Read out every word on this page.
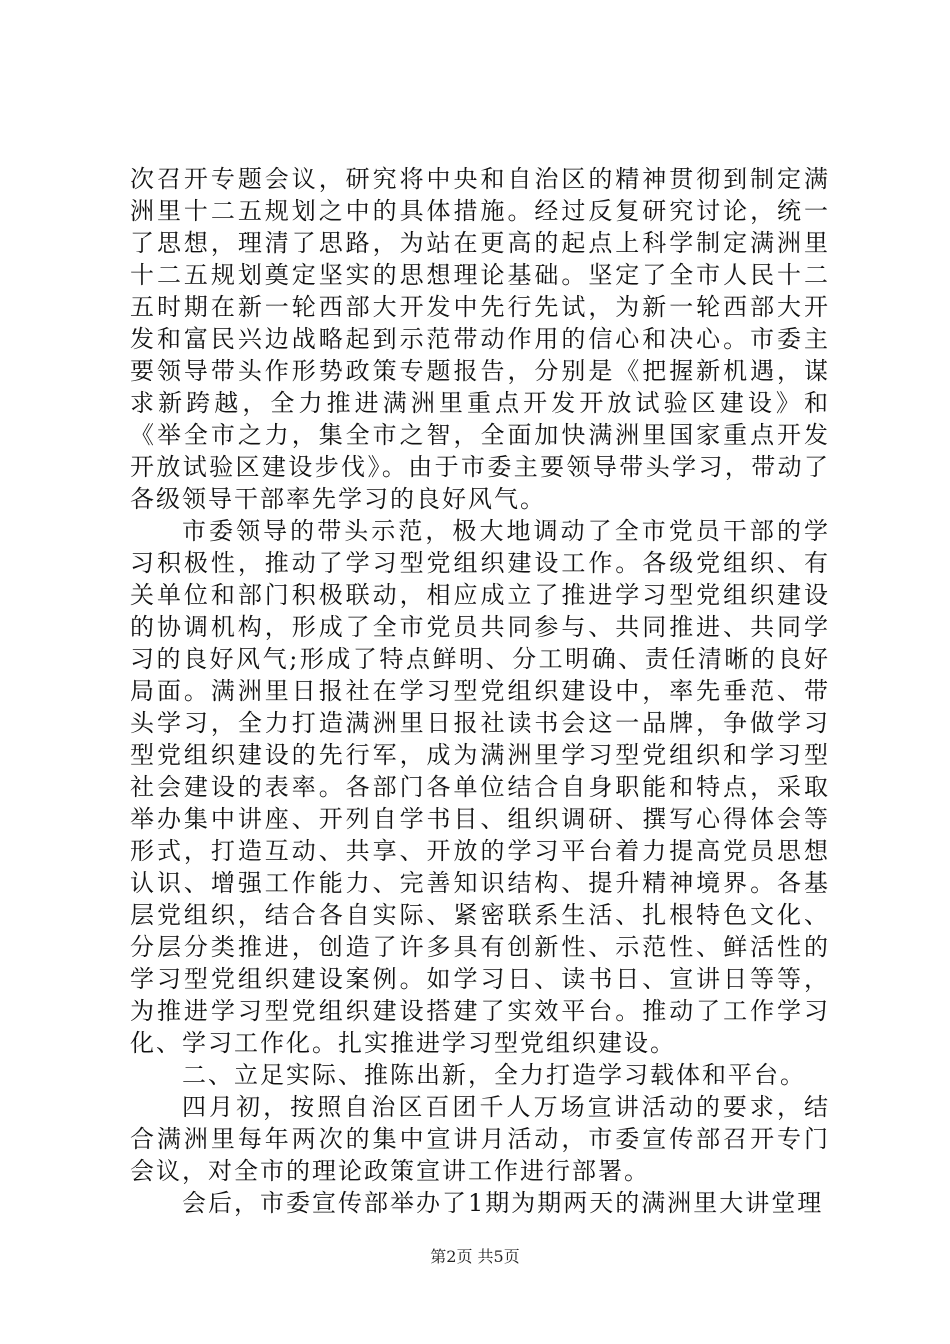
次召开专题会议，研究将中央和自治区的精神贯彻到制定满洲里十二五规划之中的具体措施。经过反复研究讨论，统一了思想，理清了思路，为站在更高的起点上科学制定满洲里十二五规划奠定坚实的思想理论基础。坚定了全市人民十二五时期在新一轮西部大开发中先行先试，为新一轮西部大开发和富民兴边战略起到示范带动作用的信心和决心。市委主要领导带头作形势政策专题报告，分别是《把握新机遇，谋求新跨越，全力推进满洲里重点开发开放试验区建设》和《举全市之力，集全市之智，全面加快满洲里国家重点开发开放试验区建设步伐》。由于市委主要领导带头学习，带动了各级领导干部率先学习的良好风气。

市委领导的带头示范，极大地调动了全市党员干部的学习积极性，推动了学习型党组织建设工作。各级党组织、有关单位和部门积极联动，相应成立了推进学习型党组织建设的协调机构，形成了全市党员共同参与、共同推进、共同学习的良好风气;形成了特点鲜明、分工明确、责任清晰的良好局面。满洲里日报社在学习型党组织建设中，率先垂范、带头学习，全力打造满洲里日报社读书会这一品牌，争做学习型党组织建设的先行军，成为满洲里学习型党组织和学习型社会建设的表率。各部门各单位结合自身职能和特点，采取举办集中讲座、开列自学书目、组织调研、撰写心得体会等形式，打造互动、共享、开放的学习平台着力提高党员思想认识、增强工作能力、完善知识结构、提升精神境界。各基层党组织，结合各自实际、紧密联系生活、扎根特色文化、分层分类推进，创造了许多具有创新性、示范性、鲜活性的学习型党组织建设案例。如学习日、读书日、宣讲日等等，为推进学习型党组织建设搭建了实效平台。推动了工作学习化、学习工作化。扎实推进学习型党组织建设。

二、立足实际、推陈出新，全力打造学习载体和平台。

四月初，按照自治区百团千人万场宣讲活动的要求，结合满洲里每年两次的集中宣讲月活动，市委宣传部召开专门会议，对全市的理论政策宣讲工作进行部署。

会后，市委宣传部举办了1期为期两天的满洲里大讲堂理

第2页 共5页
